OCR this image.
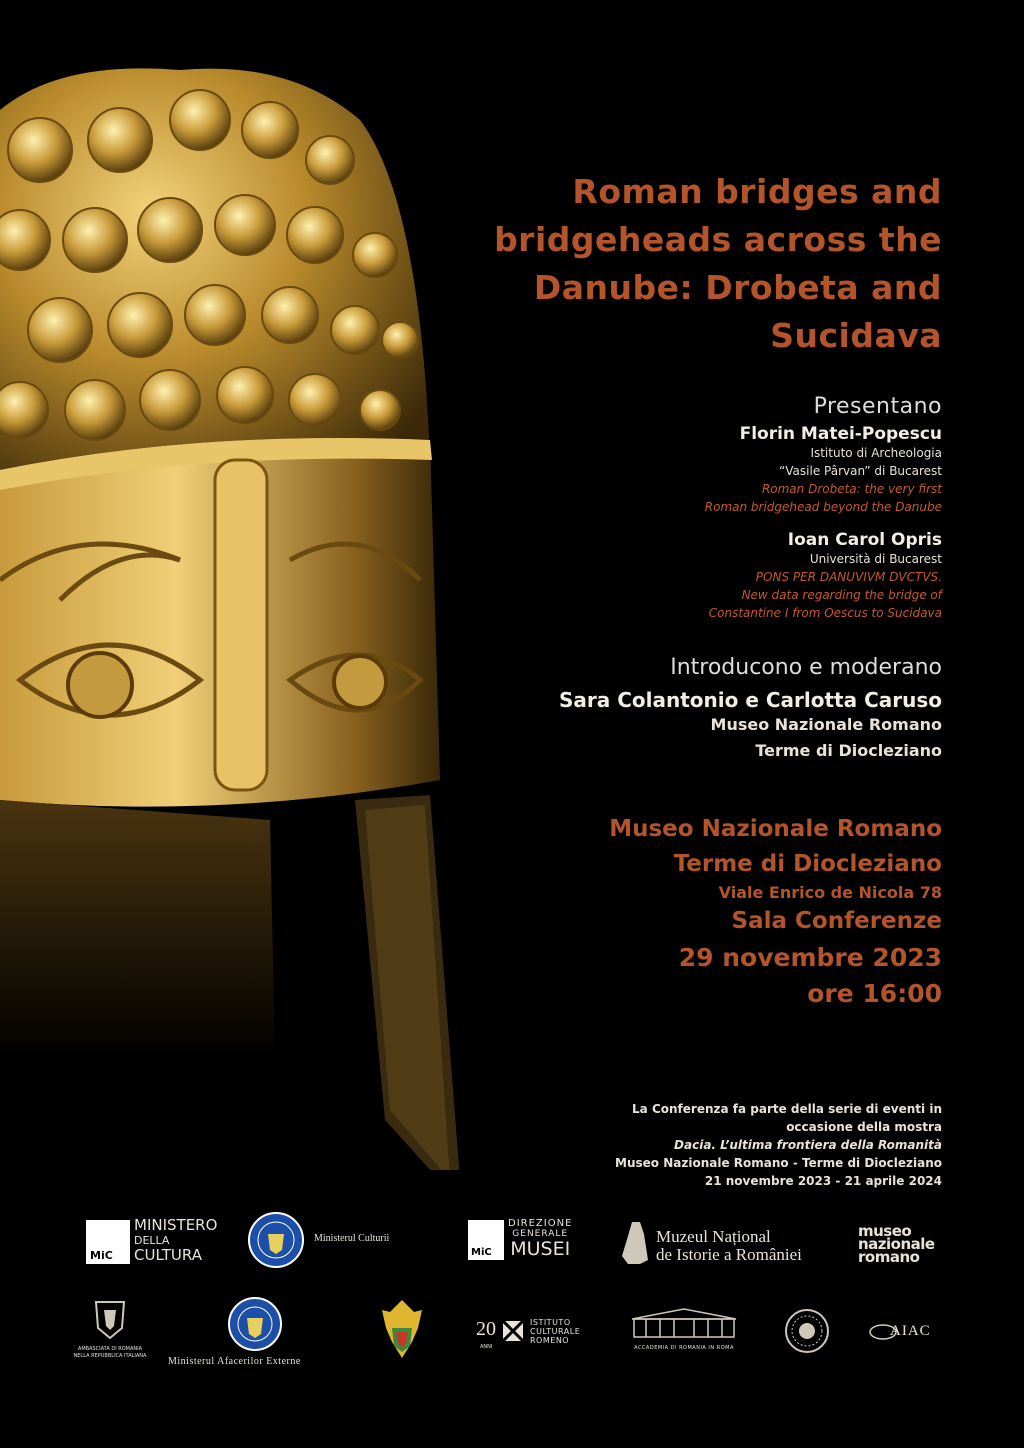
Roman bridges and bridgeheads across the Danube: Drobeta and Sucidava
Presentano
Florin Matei-Popescu
Istituto di Archeologia
“Vasile Pârvan” di Bucarest
Roman Drobeta: the very first
Roman bridgehead beyond the Danube
Ioan Carol Opris
Università di Bucarest
PONS PER DANUVIVM DVCTVS.
New data regarding the bridge of
Constantine I from Oescus to Sucidava
Introducono e moderano
Sara Colantonio e Carlotta Caruso
Museo Nazionale Romano
Terme di Diocleziano
Museo Nazionale Romano
Terme di Diocleziano
Viale Enrico de Nicola 78
Sala Conferenze
29 novembre 2023
ore 16:00
La Conferenza fa parte della serie di eventi in
occasione della mostra
Dacia. L’ultima frontiera della Romanità
Museo Nazionale Romano - Terme di Diocleziano
21 novembre 2023 - 21 aprile 2024
MiC
MINISTERO
DELLA
CULTURA
Ministerul Culturii
MiC
DIREZIONE
GENERALE
MUSEI
Muzeul Național
de Istorie a României
museo
nazionale
romano
AMBASCIATA DI ROMANIA
NELLA REPUBBLICA ITALIANA	Ministerul Afacerilor Externe
20
ANNI
ISTITUTO
CULTURALE
ROMENO
ACCADEMIA DI ROMANIA IN ROMA
AIAC
